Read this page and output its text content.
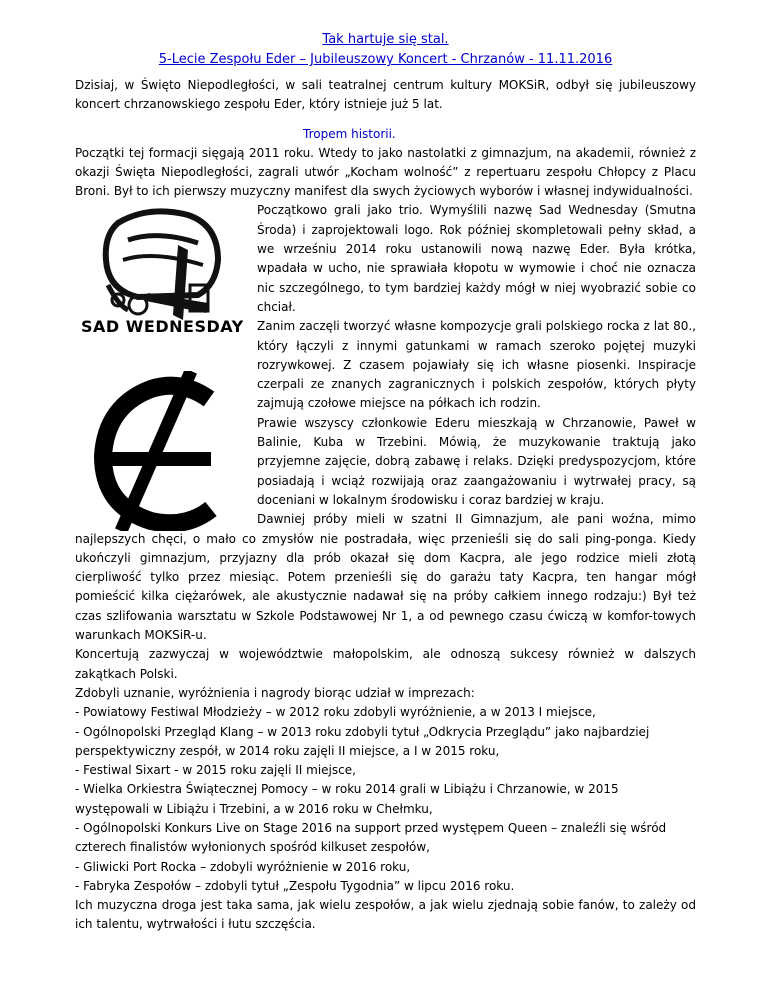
Tak hartuje się stal.
5-Lecie Zespołu Eder – Jubileuszowy Koncert - Chrzanów - 11.11.2016

Dzisiaj, w Święto Niepodległości, w sali teatralnej centrum kultury MOKSiR, odbył się jubileuszowy koncert chrzanowskiego zespołu Eder, który istnieje już 5 lat.

Tropem historii.

Początki tej formacji sięgają 2011 roku. Wtedy to jako nastolatki z gimnazjum, na akademii, również z okazji Święta Niepodległości, zagrali utwór „Kocham wolność” z repertuaru zespołu Chłopcy z Placu Broni. Był to ich pierwszy muzyczny manifest dla swych życiowych wyborów i własnej indywidualności.

SAD WEDNESDAY

Początkowo grali jako trio. Wymyślili nazwę Sad Wednesday (Smutna Środa) i zaprojektowali logo. Rok później skompletowali pełny skład, a we wrześniu 2014 roku ustanowili nową nazwę Eder. Była krótka, wpadała w ucho, nie sprawiała kłopotu w wymowie i choć nie oznacza nic szczególnego, to tym bardziej każdy mógł w niej wyobrazić sobie co chciał.

Zanim zaczęli tworzyć własne kompozycje grali polskiego rocka z lat 80., który łączyli z innymi gatunkami w ramach szeroko pojętej muzyki rozrywkowej. Z czasem pojawiały się ich własne piosenki. Inspiracje czerpali ze znanych zagranicznych i polskich zespołów, których płyty zajmują czołowe miejsce na półkach ich rodzin.

Prawie wszyscy członkowie Ederu mieszkają w Chrzanowie, Paweł w Balinie, Kuba w Trzebini. Mówią, że muzykowanie traktują jako przyjemne zajęcie, dobrą zabawę i relaks. Dzięki predyspozycjom, które posiadają i wciąż rozwijają oraz zaangażowaniu i wytrwałej pracy, są doceniani w lokalnym środowisku i coraz bardziej w kraju.

Dawniej próby mieli w szatni II Gimnazjum, ale pani woźna, mimo najlepszych chęci, o mało co zmysłów nie postradała, więc przenieśli się do sali ping-ponga. Kiedy ukończyli gimnazjum, przyjazny dla prób okazał się dom Kacpra, ale jego rodzice mieli złotą cierpliwość tylko przez miesiąc. Potem przenieśli się do garażu taty Kacpra, ten hangar mógł pomieścić kilka ciężarówek, ale akustycznie nadawał się na próby całkiem innego rodzaju:) Był też czas szlifowania warsztatu w Szkole Podstawowej Nr 1, a od pewnego czasu ćwiczą w komfor-towych warunkach MOKSiR-u.

Koncertują zazwyczaj w województwie małopolskim, ale odnoszą sukcesy również w dalszych zakątkach Polski.

Zdobyli uznanie, wyróżnienia i nagrody biorąc udział w imprezach:

- Powiatowy Festiwal Młodzieży – w 2012 roku zdobyli wyróżnienie, a w 2013 I miejsce,

- Ogólnopolski Przegląd Klang – w 2013 roku zdobyli tytuł „Odkrycia Przeglądu” jako najbardziej perspektywiczny zespół, w 2014 roku zajęli II miejsce, a I w 2015 roku,

- Festiwal Sixart - w 2015 roku zajęli II miejsce,

- Wielka Orkiestra Świątecznej Pomocy – w roku 2014 grali w Libiążu i Chrzanowie, w 2015 występowali w Libiążu i Trzebini, a w 2016 roku w Chełmku,

- Ogólnopolski Konkurs Live on Stage 2016 na support przed występem Queen – znaleźli się wśród czterech finalistów wyłonionych spośród kilkuset zespołów,

- Gliwicki Port Rocka – zdobyli wyróżnienie w 2016 roku,

- Fabryka Zespołów – zdobyli tytuł „Zespołu Tygodnia” w lipcu 2016 roku.

Ich muzyczna droga jest taka sama, jak wielu zespołów, a jak wielu zjednają sobie fanów, to zależy od ich talentu, wytrwałości i łutu szczęścia.
